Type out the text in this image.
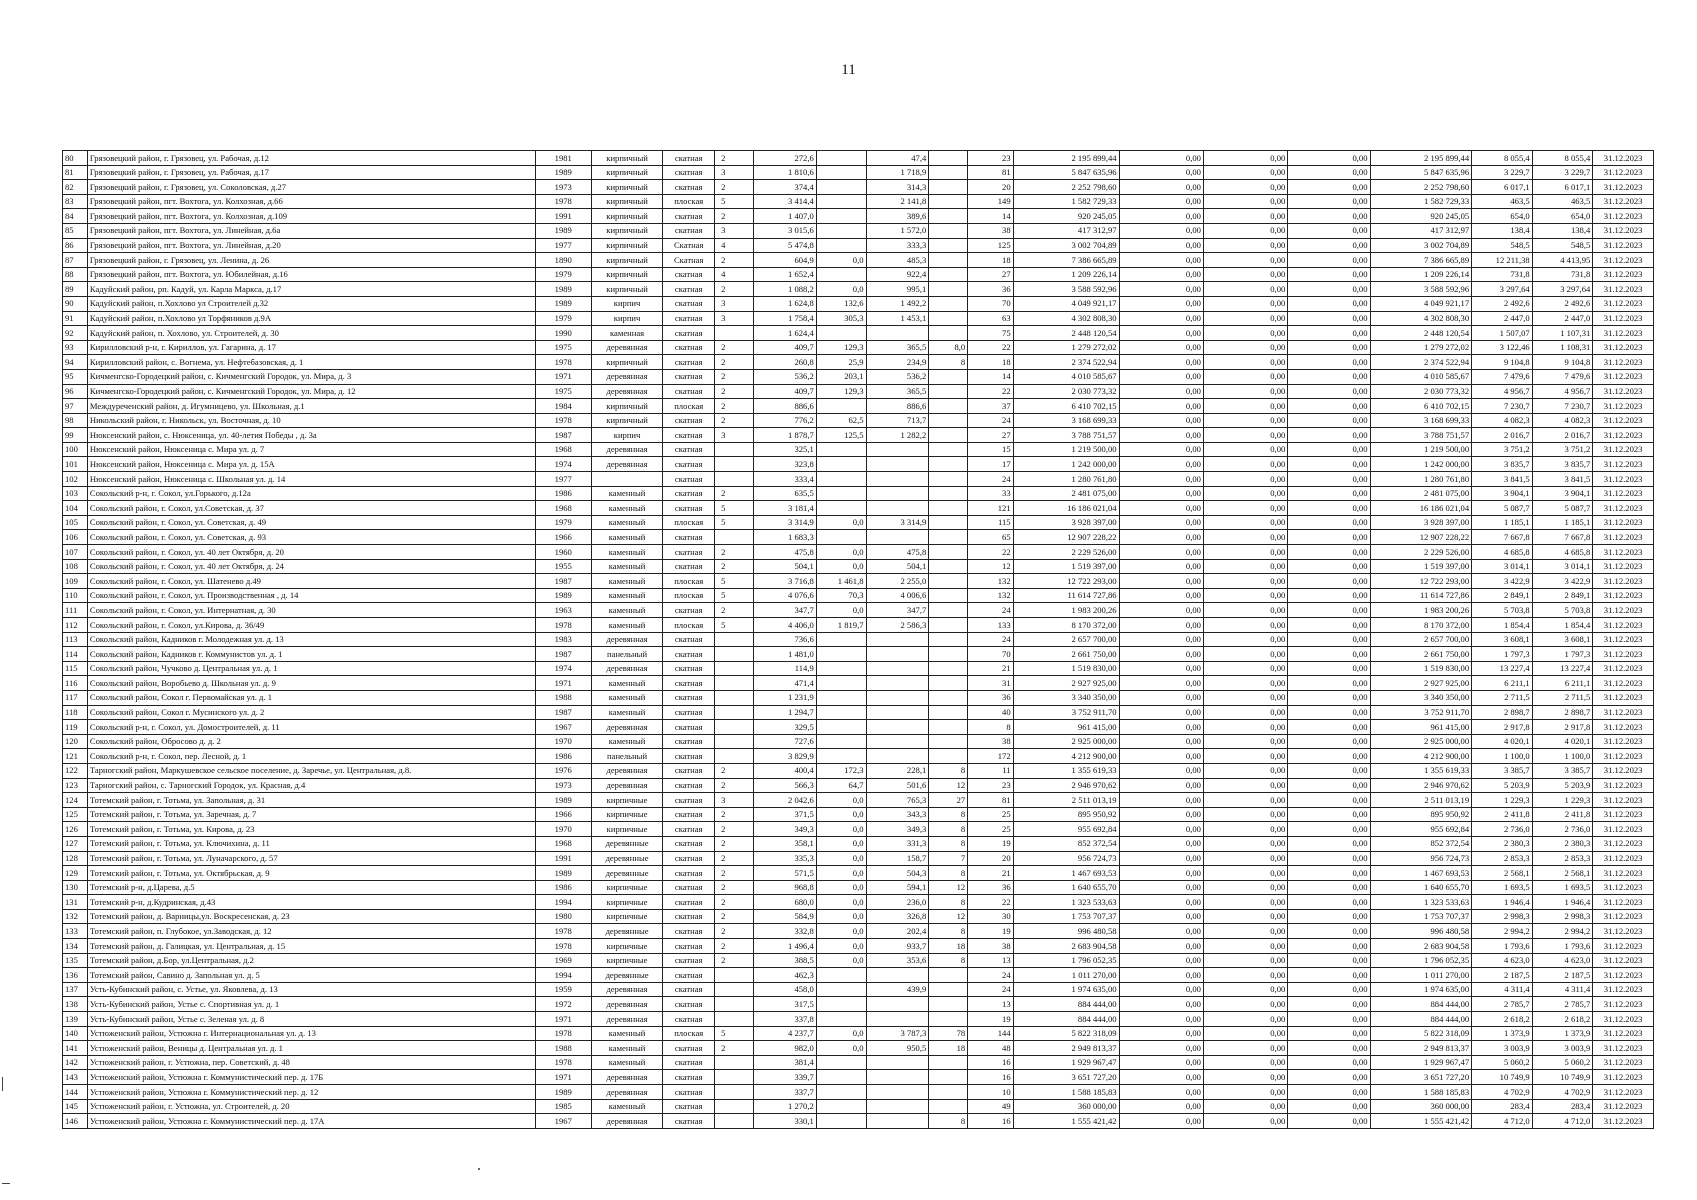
11
80	Грязовецкий район, г. Грязовец, ул. Рабочая, д.12	1981	кирпичный	скатная	2	272,6		47,4		23	2 195 899,44	0,00	0,00	0,00	2 195 899,44	8 055,4	8 055,4	31.12.2023
81	Грязовецкий район, г. Грязовец, ул. Рабочая, д.17	1989	кирпичный	скатная	3	1 810,6		1 718,9		81	5 847 635,96	0,00	0,00	0,00	5 847 635,96	3 229,7	3 229,7	31.12.2023
82	Грязовецкий район, г. Грязовец, ул. Соколовская, д.27	1973	кирпичный	скатная	2	374,4		314,3		20	2 252 798,60	0,00	0,00	0,00	2 252 798,60	6 017,1	6 017,1	31.12.2023
83	Грязовецкий район, пгт. Вохтога, ул. Колхозная, д.66	1978	кирпичный	плоская	5	3 414,4		2 141,8		149	1 582 729,33	0,00	0,00	0,00	1 582 729,33	463,5	463,5	31.12.2023
84	Грязовецкий район, пгт. Вохтога, ул. Колхозная, д.109	1991	кирпичный	скатная	2	1 407,0		389,6		14	920 245,05	0,00	0,00	0,00	920 245,05	654,0	654,0	31.12.2023
85	Грязовецкий район, пгт. Вохтога, ул. Линейная, д.6а	1989	кирпичный	скатная	3	3 015,6		1 572,0		38	417 312,97	0,00	0,00	0,00	417 312,97	138,4	138,4	31.12.2023
86	Грязовецкий район, пгт. Вохтога, ул. Линейная, д.20	1977	кирпичный	Скатная	4	5 474,8		333,3		125	3 002 704,89	0,00	0,00	0,00	3 002 704,89	548,5	548,5	31.12.2023
87	Грязовецкий район, г. Грязовец, ул. Ленина, д. 26	1890	кирпичный	Скатная	2	604,9	0,0	485,3		18	7 386 665,89	0,00	0,00	0,00	7 386 665,89	12 211,38	4 413,95	31.12.2023
88	Грязовецкий район, пгт. Вохтога, ул. Юбилейная, д.16	1979	кирпичный	скатная	4	1 652,4		922,4		27	1 209 226,14	0,00	0,00	0,00	1 209 226,14	731,8	731,8	31.12.2023
89	Кадуйский район, рп. Кадуй, ул. Карла Маркса, д.17	1989	кирпичный	скатная	2	1 088,2	0,0	995,1		36	3 588 592,96	0,00	0,00	0,00	3 588 592,96	3 297,64	3 297,64	31.12.2023
90	Кадуйский район, п.Хохлово ул Строителей д.32	1989	кирпич	скатная	3	1 624,8	132,6	1 492,2		70	4 049 921,17	0,00	0,00	0,00	4 049 921,17	2 492,6	2 492,6	31.12.2023
91	Кадуйский район, п.Хохлово ул Торфяников д.9А	1979	кирпич	скатная	3	1 758,4	305,3	1 453,1		63	4 302 808,30	0,00	0,00	0,00	4 302 808,30	2 447,0	2 447,0	31.12.2023
92	Кадуйский район, п. Хохлово, ул. Строителей, д. 30	1990	каменная	скатная		1 624,4				75	2 448 120,54	0,00	0,00	0,00	2 448 120,54	1 507,07	1 107,31	31.12.2023
93	Кирилловский р-н, г. Кириллов, ул. Гагарина, д. 17	1975	деревянная	скатная	2	409,7	129,3	365,5	8,0	22	1 279 272,02	0,00	0,00	0,00	1 279 272,02	3 122,46	1 108,31	31.12.2023
94	Кирилловский район, с. Вогнема, ул. Нефтебазовская, д. 1	1978	кирпичный	скатная	2	260,8	25,9	234,9	8	18	2 374 522,94	0,00	0,00	0,00	2 374 522,94	9 104,8	9 104,8	31.12.2023
95	Кичменгско-Городецкий район, с. Кичменгский Городок, ул. Мира, д. 3	1971	деревянная	скатная	2	536,2	203,1	536,2		14	4 010 585,67	0,00	0,00	0,00	4 010 585,67	7 479,6	7 479,6	31.12.2023
96	Кичменгско-Городецкий район, с. Кичменгский Городок, ул. Мира, д. 12	1975	деревянная	скатная	2	409,7	129,3	365,5		22	2 030 773,32	0,00	0,00	0,00	2 030 773,32	4 956,7	4 956,7	31.12.2023
97	Междуреченский район, д. Игумницево, ул. Школьная, д.1	1984	кирпичный	плоская	2	886,6		886,6		37	6 410 702,15	0,00	0,00	0,00	6 410 702,15	7 230,7	7 230,7	31.12.2023
98	Никольский район, г. Никольск, ул. Восточная, д. 10	1978	кирпичный	скатная	2	776,2	62,5	713,7		24	3 168 699,33	0,00	0,00	0,00	3 168 699,33	4 082,3	4 082,3	31.12.2023
99	Нюксенский район, с. Нюксеница, ул. 40-летия Победы , д. 3а	1987	кирпич	скатная	3	1 878,7	125,5	1 282,2		27	3 788 751,57	0,00	0,00	0,00	3 788 751,57	2 016,7	2 016,7	31.12.2023
100	Нюксенский район, Нюксеница с. Мира ул. д. 7	1968	деревянная	скатная		325,1				15	1 219 500,00	0,00	0,00	0,00	1 219 500,00	3 751,2	3 751,2	31.12.2023
101	Нюксенский район, Нюксеница с. Мира ул. д. 15А	1974	деревянная	скатная		323,8				17	1 242 000,00	0,00	0,00	0,00	1 242 000,00	3 835,7	3 835,7	31.12.2023
102	Нюксенский район, Нюксеница с. Школьная ул. д. 14	1977		скатная		333,4				24	1 280 761,80	0,00	0,00	0,00	1 280 761,80	3 841,5	3 841,5	31.12.2023
103	Сокольский р-н, г. Сокол, ул.Горького, д.12а	1986	каменный	скатная	2	635,5				33	2 481 075,00	0,00	0,00	0,00	2 481 075,00	3 904,1	3 904,1	31.12.2023
104	Сокольский район, г. Сокол, ул.Советская, д. 37	1968	каменный	скатная	5	3 181,4				121	16 186 021,04	0,00	0,00	0,00	16 186 021,04	5 087,7	5 087,7	31.12.2023
105	Сокольский район, г. Сокол, ул. Советская, д. 49	1979	каменный	плоская	5	3 314,9	0,0	3 314,9		115	3 928 397,00	0,00	0,00	0,00	3 928 397,00	1 185,1	1 185,1	31.12.2023
106	Сокольский район, г. Сокол, ул. Советская, д. 93	1966	каменный	скатная		1 683,3				65	12 907 228,22	0,00	0,00	0,00	12 907 228,22	7 667,8	7 667,8	31.12.2023
107	Сокольский район, г. Сокол, ул. 40 лет Октября, д. 20	1960	каменный	скатная	2	475,8	0,0	475,8		22	2 229 526,00	0,00	0,00	0,00	2 229 526,00	4 685,8	4 685,8	31.12.2023
108	Сокольский район, г. Сокол, ул. 40 лет Октября, д. 24	1955	каменный	скатная	2	504,1	0,0	504,1		12	1 519 397,00	0,00	0,00	0,00	1 519 397,00	3 014,1	3 014,1	31.12.2023
109	Сокольский район, г. Сокол, ул. Шатенево д.49	1987	каменный	плоская	5	3 716,8	1 461,8	2 255,0		132	12 722 293,00	0,00	0,00	0,00	12 722 293,00	3 422,9	3 422,9	31.12.2023
110	Сокольский район, г. Сокол, ул. Производственная , д. 14	1989	каменный	плоская	5	4 076,6	70,3	4 006,6		132	11 614 727,86	0,00	0,00	0,00	11 614 727,86	2 849,1	2 849,1	31.12.2023
111	Сокольский район, г. Сокол, ул. Интернатная, д. 30	1963	каменный	скатная	2	347,7	0,0	347,7		24	1 983 200,26	0,00	0,00	0,00	1 983 200,26	5 703,8	5 703,8	31.12.2023
112	Сокольский район, г. Сокол, ул.Кирова, д. 36/49	1978	каменный	плоская	5	4 406,0	1 819,7	2 586,3		133	8 170 372,00	0,00	0,00	0,00	8 170 372,00	1 854,4	1 854,4	31.12.2023
113	Сокольский район, Кадников г. Молодежная ул. д. 13	1983	деревянная	скатная		736,6				24	2 657 700,00	0,00	0,00	0,00	2 657 700,00	3 608,1	3 608,1	31.12.2023
114	Сокольский район, Кадников г. Коммунистов ул. д. 1	1987	панельный	скатная		1 481,0				70	2 661 750,00	0,00	0,00	0,00	2 661 750,00	1 797,3	1 797,3	31.12.2023
115	Сокольский район, Чучково д. Центральная ул. д. 1	1974	деревянная	скатная		114,9				21	1 519 830,00	0,00	0,00	0,00	1 519 830,00	13 227,4	13 227,4	31.12.2023
116	Сокольский район, Воробьево д. Школьная ул. д. 9	1971	каменный	скатная		471,4				31	2 927 925,00	0,00	0,00	0,00	2 927 925,00	6 211,1	6 211,1	31.12.2023
117	Сокольский район, Сокол г. Первомайская ул. д. 1	1988	каменный	скатная		1 231,9				36	3 340 350,00	0,00	0,00	0,00	3 340 350,00	2 711,5	2 711,5	31.12.2023
118	Сокольский район, Сокол г. Мусинского ул. д. 2	1987	каменный	скатная		1 294,7				40	3 752 911,70	0,00	0,00	0,00	3 752 911,70	2 898,7	2 898,7	31.12.2023
119	Сокольский р-н, г. Сокол, ул. Домостроителей, д. 11	1967	деревянная	скатная		329,5				8	961 415,00	0,00	0,00	0,00	961 415,00	2 917,8	2 917,8	31.12.2023
120	Сокольский район, Обросово д. д. 2	1970	каменный	скатная		727,6				38	2 925 000,00	0,00	0,00	0,00	2 925 000,00	4 020,1	4 020,1	31.12.2023
121	Сокольский р-н, г. Сокол, пер. Лесной, д. 1	1986	панельный	скатная		3 829,9				172	4 212 900,00	0,00	0,00	0,00	4 212 900,00	1 100,0	1 100,0	31.12.2023
122	Тарногский район, Маркушевское сельское поселение, д. Заречье, ул. Центральная, д.8.	1976	деревянная	скатная	2	400,4	172,3	228,1	8	11	1 355 619,33	0,00	0,00	0,00	1 355 619,33	3 385,7	3 385,7	31.12.2023
123	Тарногский район, с. Тарногский Городок, ул. Красная, д.4	1973	деревянная	скатная	2	566,3	64,7	501,6	12	23	2 946 970,62	0,00	0,00	0,00	2 946 970,62	5 203,9	5 203,9	31.12.2023
124	Тотемский район, г. Тотьма, ул. Запольная, д. 31	1989	кирпичные	скатная	3	2 042,6	0,0	765,3	27	81	2 511 013,19	0,00	0,00	0,00	2 511 013,19	1 229,3	1 229,3	31.12.2023
125	Тотемский район, г. Тотьма, ул. Заречная, д. 7	1966	кирпичные	скатная	2	371,5	0,0	343,3	8	25	895 950,92	0,00	0,00	0,00	895 950,92	2 411,8	2 411,8	31.12.2023
126	Тотемский район, г. Тотьма, ул. Кирова, д. 23	1970	кирпичные	скатная	2	349,3	0,0	349,3	8	25	955 692,84	0,00	0,00	0,00	955 692,84	2 736,0	2 736,0	31.12.2023
127	Тотемский район, г. Тотьма, ул. Ключихина, д. 11	1968	деревянные	скатная	2	358,1	0,0	331,3	8	19	852 372,54	0,00	0,00	0,00	852 372,54	2 380,3	2 380,3	31.12.2023
128	Тотемский район, г. Тотьма, ул. Луначарского, д. 57	1991	деревянные	скатная	2	335,3	0,0	158,7	7	20	956 724,73	0,00	0,00	0,00	956 724,73	2 853,3	2 853,3	31.12.2023
129	Тотемский район, г. Тотьма, ул. Октябрьская, д. 9	1989	деревянные	скатная	2	571,5	0,0	504,3	8	21	1 467 693,53	0,00	0,00	0,00	1 467 693,53	2 568,1	2 568,1	31.12.2023
130	Тотемский р-н, д.Царева, д.5	1986	кирпичные	скатная	2	968,8	0,0	594,1	12	36	1 640 655,70	0,00	0,00	0,00	1 640 655,70	1 693,5	1 693,5	31.12.2023
131	Тотемский р-н, д.Кудринская, д.43	1994	кирпичные	скатная	2	680,0	0,0	236,0	8	22	1 323 533,63	0,00	0,00	0,00	1 323 533,63	1 946,4	1 946,4	31.12.2023
132	Тотемский район, д. Варницы,ул. Воскресенская, д. 23	1980	кирпичные	скатная	2	584,9	0,0	326,8	12	30	1 753 707,37	0,00	0,00	0,00	1 753 707,37	2 998,3	2 998,3	31.12.2023
133	Тотемский район, п. Глубокое, ул.Заводская, д. 12	1978	деревянные	скатная	2	332,8	0,0	202,4	8	19	996 480,58	0,00	0,00	0,00	996 480,58	2 994,2	2 994,2	31.12.2023
134	Тотемский район, д. Галицкая, ул. Центральная, д. 15	1978	кирпичные	скатная	2	1 496,4	0,0	933,7	18	38	2 683 904,58	0,00	0,00	0,00	2 683 904,58	1 793,6	1 793,6	31.12.2023
135	Тотемский район, д.Бор, ул.Центральная, д.2	1969	кирпичные	скатная	2	388,5	0,0	353,6	8	13	1 796 052,35	0,00	0,00	0,00	1 796 052,35	4 623,0	4 623,0	31.12.2023
136	Тотемский район, Савино д. Запольная ул. д. 5	1994	деревянные	скатная		462,3				24	1 011 270,00	0,00	0,00	0,00	1 011 270,00	2 187,5	2 187,5	31.12.2023
137	Усть-Кубинский район, с. Устье, ул. Яковлева, д. 13	1959	деревянная	скатная		458,0		439,9		24	1 974 635,00	0,00	0,00	0,00	1 974 635,00	4 311,4	4 311,4	31.12.2023
138	Усть-Кубинский район, Устье с. Спортивная ул. д. 1	1972	деревянная	скатная		317,5				13	884 444,00	0,00	0,00	0,00	884 444,00	2 785,7	2 785,7	31.12.2023
139	Усть-Кубинский район, Устье с. Зеленая ул. д. 8	1971	деревянная	скатная		337,8				19	884 444,00	0,00	0,00	0,00	884 444,00	2 618,2	2 618,2	31.12.2023
140	Устюженский район, Устюжна г. Интернациональная ул. д. 13	1978	каменный	плоская	5	4 237,7	0,0	3 787,3	78	144	5 822 318,09	0,00	0,00	0,00	5 822 318,09	1 373,9	1 373,9	31.12.2023
141	Устюженский район, Веницы д. Центральная ул. д. 1	1988	каменный	скатная	2	982,0	0,0	950,5	18	48	2 949 813,37	0,00	0,00	0,00	2 949 813,37	3 003,9	3 003,9	31.12.2023
142	Устюженский район, г. Устюжна, пер. Советский, д. 48	1978	каменный	скатная		381,4				16	1 929 967,47	0,00	0,00	0,00	1 929 967,47	5 060,2	5 060,2	31.12.2023
143	Устюженский район, Устюжна г. Коммунистический пер. д. 17Б	1971	деревянная	скатная		339,7				16	3 651 727,20	0,00	0,00	0,00	3 651 727,20	10 749,9	10 749,9	31.12.2023
144	Устюженский район, Устюжна г. Коммунистический пер. д. 12	1989	деревянная	скатная		337,7				10	1 588 185,83	0,00	0,00	0,00	1 588 185,83	4 702,9	4 702,9	31.12.2023
145	Устюженский район, г. Устюжна, ул. Строителей, д. 20	1985	каменный	скатная		1 270,2				49	360 000,00	0,00	0,00	0,00	360 000,00	283,4	283,4	31.12.2023
146	Устюженский район, Устюжна г. Коммунистический пер. д. 17А	1967	деревянная	скатная		330,1			8	16	1 555 421,42	0,00	0,00	0,00	1 555 421,42	4 712,0	4 712,0	31.12.2023
